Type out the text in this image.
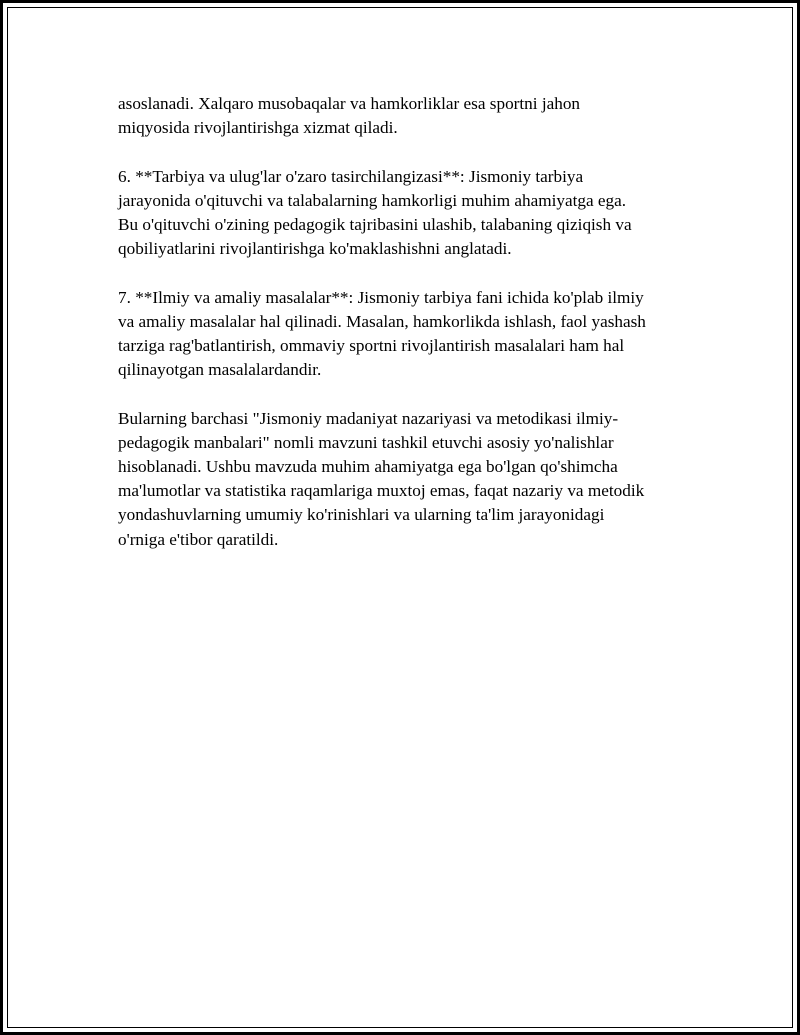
asoslanadi. Xalqaro musobaqalar va hamkorliklar esa sportni jahon
miqyosida rivojlantirishga xizmat qiladi.

6. **Tarbiya va ulug'lar o'zaro tasirchilangizasi**: Jismoniy tarbiya
jarayonida o'qituvchi va talabalarning hamkorligi muhim ahamiyatga ega.
Bu o'qituvchi o'zining pedagogik tajribasini ulashib, talabaning qiziqish va
qobiliyatlarini rivojlantirishga ko'maklashishni anglatadi.

7. **Ilmiy va amaliy masalalar**: Jismoniy tarbiya fani ichida ko'plab ilmiy
va amaliy masalalar hal qilinadi. Masalan, hamkorlikda ishlash, faol yashash
tarziga rag'batlantirish, ommaviy sportni rivojlantirish masalalari ham hal
qilinayotgan masalalardandir.

Bularning barchasi "Jismoniy madaniyat nazariyasi va metodikasi ilmiy-
pedagogik manbalari" nomli mavzuni tashkil etuvchi asosiy yo'nalishlar
hisoblanadi. Ushbu mavzuda muhim ahamiyatga ega bo'lgan qo'shimcha
ma'lumotlar va statistika raqamlariga muxtoj emas, faqat nazariy va metodik
yondashuvlarning umumiy ko'rinishlari va ularning ta'lim jarayonidagi
o'rniga e'tibor qaratildi.
